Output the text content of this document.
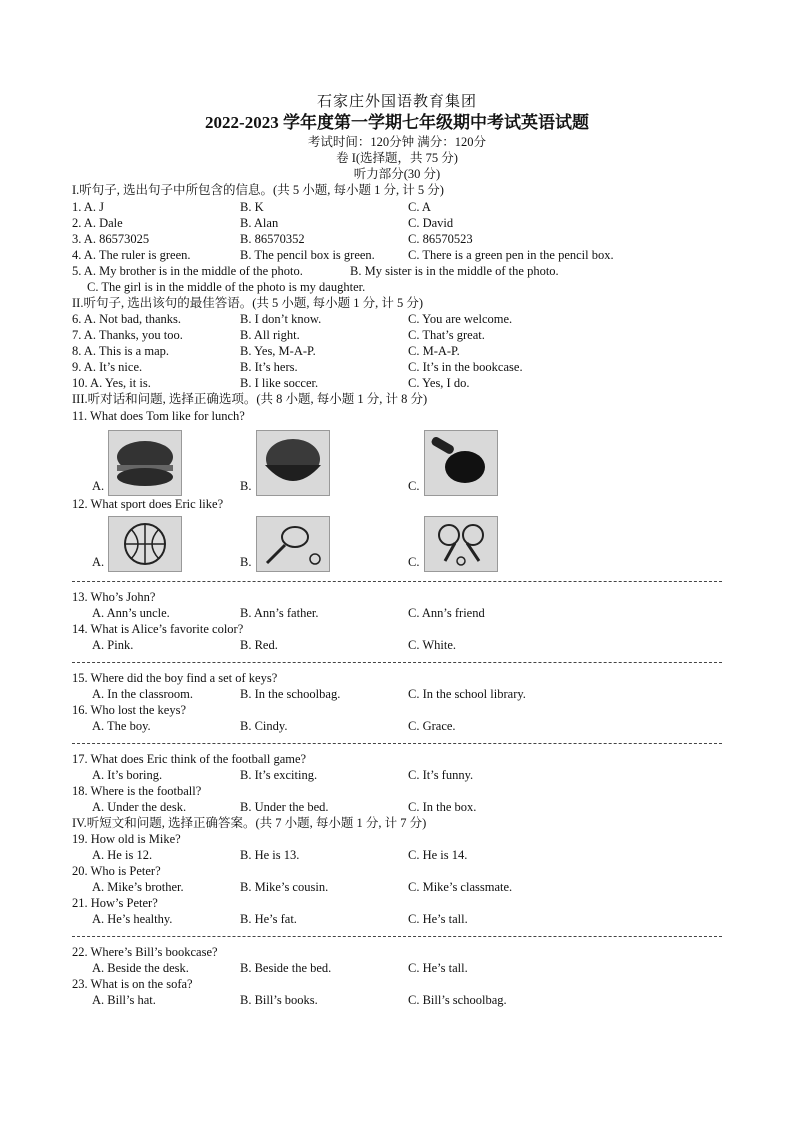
石家庄外国语教育集团
2022-2023 学年度第一学期七年级期中考试英语试题
考试时间：120分钟 满分：120分
卷 I(选择题，共 75 分)
听力部分(30 分)
I.听句子, 选出句子中所包含的信息。(共 5 小题, 每小题 1 分, 计 5 分)
1. A. J	B. K	C. A
2. A. Dale	B. Alan	C. David
3. A. 86573025	B. 86570352	C. 86570523
4. A. The ruler is green.	B. The pencil box is green.	C. There is a green pen in the pencil box.
5. A. My brother is in the middle of the photo.	B. My sister is in the middle of the photo.
C. The girl is in the middle of the photo is my daughter.
II.听句子, 选出该句的最佳答语。(共 5 小题, 每小题 1 分, 计 5 分)
6. A. Not bad, thanks.	B. I don’t know.	C. You are welcome.
7. A. Thanks, you too.	B. All right.	C. That’s great.
8. A. This is a map.	B. Yes, M-A-P.	C. M-A-P.
9. A. It’s nice.	B. It’s hers.	C. It’s in the bookcase.
10. A. Yes, it is.	B. I like soccer.	C. Yes, I do.
III.听对话和问题, 选择正确选项。(共 8 小题, 每小题 1 分, 计 8 分)
11. What does Tom like for lunch?
A.	B.	C.
12. What sport does Eric like?
A.	B.	C.
13. Who’s John?
A. Ann’s uncle.	B. Ann’s father.	C. Ann’s friend
14. What is Alice’s favorite color?
A. Pink.	B. Red.	C. White.
15. Where did the boy find a set of keys?
A. In the classroom.	B. In the schoolbag.	C. In the school library.
16. Who lost the keys?
A. The boy.	B. Cindy.	C. Grace.
17. What does Eric think of the football game?
A. It’s boring.	B. It’s exciting.	C. It’s funny.
18. Where is the football?
A. Under the desk.	B. Under the bed.	C. In the box.
IV.听短文和问题, 选择正确答案。(共 7 小题, 每小题 1 分, 计 7 分)
19. How old is Mike?
A. He is 12.	B. He is 13.	C. He is 14.
20. Who is Peter?
A. Mike’s brother.	B. Mike’s cousin.	C. Mike’s classmate.
21. How’s Peter?
A. He’s healthy.	B. He’s fat.	C. He’s tall.
22. Where’s Bill’s bookcase?
A. Beside the desk.	B. Beside the bed.	C. He’s tall.
23. What is on the sofa?
A. Bill’s hat.	B. Bill’s books.	C. Bill’s schoolbag.
